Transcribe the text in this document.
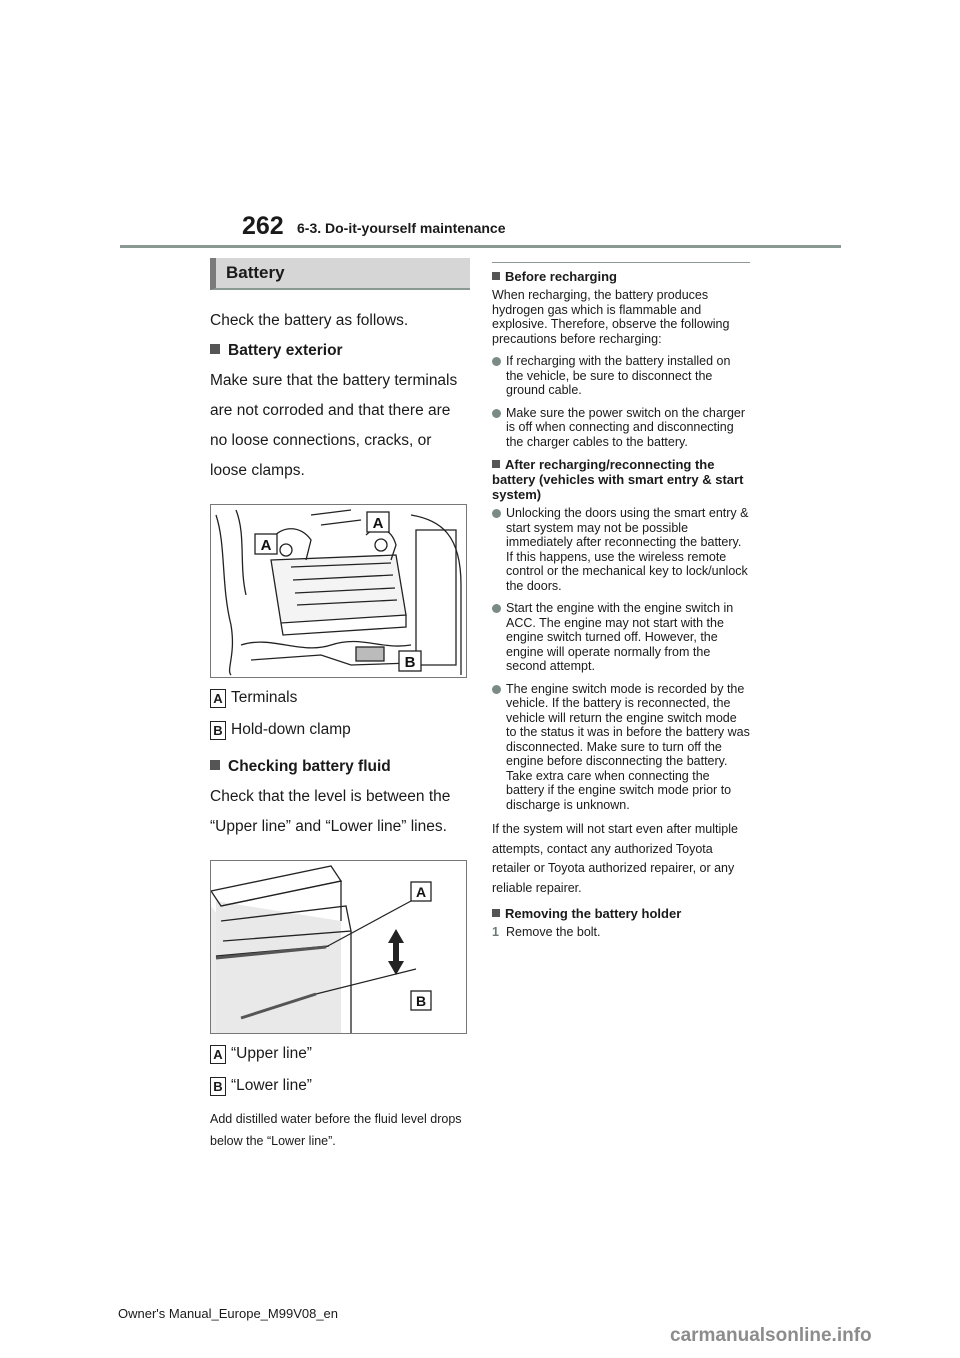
262 6-3. Do-it-yourself maintenance
Battery

Check the battery as follows.

Battery exterior

Make sure that the battery terminals are not corroded and that there are no loose connections, cracks, or loose clamps.

A
A
B
A Terminals
B Hold-down clamp

Checking battery fluid

Check that the level is between the “Upper line” and “Lower line” lines.

A
B
A “Upper line”
B “Lower line”

Add distilled water before the fluid level drops below the “Lower line”.

Before recharging

When recharging, the battery produces hydrogen gas which is flammable and explosive. Therefore, observe the following precautions before recharging:

If recharging with the battery installed on the vehicle, be sure to disconnect the ground cable.
Make sure the power switch on the charger is off when connecting and disconnecting the charger cables to the battery.

After recharging/reconnecting the battery (vehicles with smart entry & start system)

Unlocking the doors using the smart entry & start system may not be possible immediately after reconnecting the battery. If this happens, use the wireless remote control or the mechanical key to lock/unlock the doors.
Start the engine with the engine switch in ACC. The engine may not start with the engine switch turned off. However, the engine will operate normally from the second attempt.
The engine switch mode is recorded by the vehicle. If the battery is reconnected, the vehicle will return the engine switch mode to the status it was in before the battery was disconnected. Make sure to turn off the engine before disconnecting the battery. Take extra care when connecting the battery if the engine switch mode prior to discharge is unknown.

If the system will not start even after multiple attempts, contact any authorized Toyota retailer or Toyota authorized repairer, or any reliable repairer.

Removing the battery holder

1 Remove the bolt.
Owner's Manual_Europe_M99V08_en
carmanualsonline.info
